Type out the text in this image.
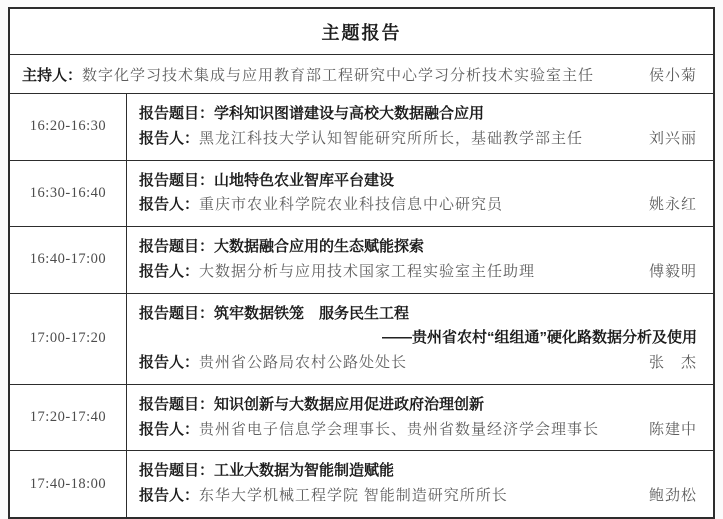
主题报告
主持人： 数字化学习技术集成与应用教育部工程研究中心学习分析技术实验室主任	侯小菊
16:20-16:30
报告题目：学科知识图谱建设与高校大数据融合应用
报告人： 黑龙江科技大学认知智能研究所所长，基础教学部主任	刘兴丽
16:30-16:40
报告题目：山地特色农业智库平台建设
报告人： 重庆市农业科学院农业科技信息中心研究员	姚永红
16:40-17:00
报告题目：大数据融合应用的生态赋能探索
报告人： 大数据分析与应用技术国家工程实验室主任助理	傅毅明
17:00-17:20
报告题目：筑牢数据铁笼　服务民生工程
——贵州省农村“组组通”硬化路数据分析及使用
报告人： 贵州省公路局农村公路处处长	张　杰
17:20-17:40
报告题目：知识创新与大数据应用促进政府治理创新
报告人： 贵州省电子信息学会理事长、贵州省数量经济学会理事长	陈建中
17:40-18:00
报告题目：工业大数据为智能制造赋能
报告人： 东华大学机械工程学院 智能制造研究所所长	鲍劲松
